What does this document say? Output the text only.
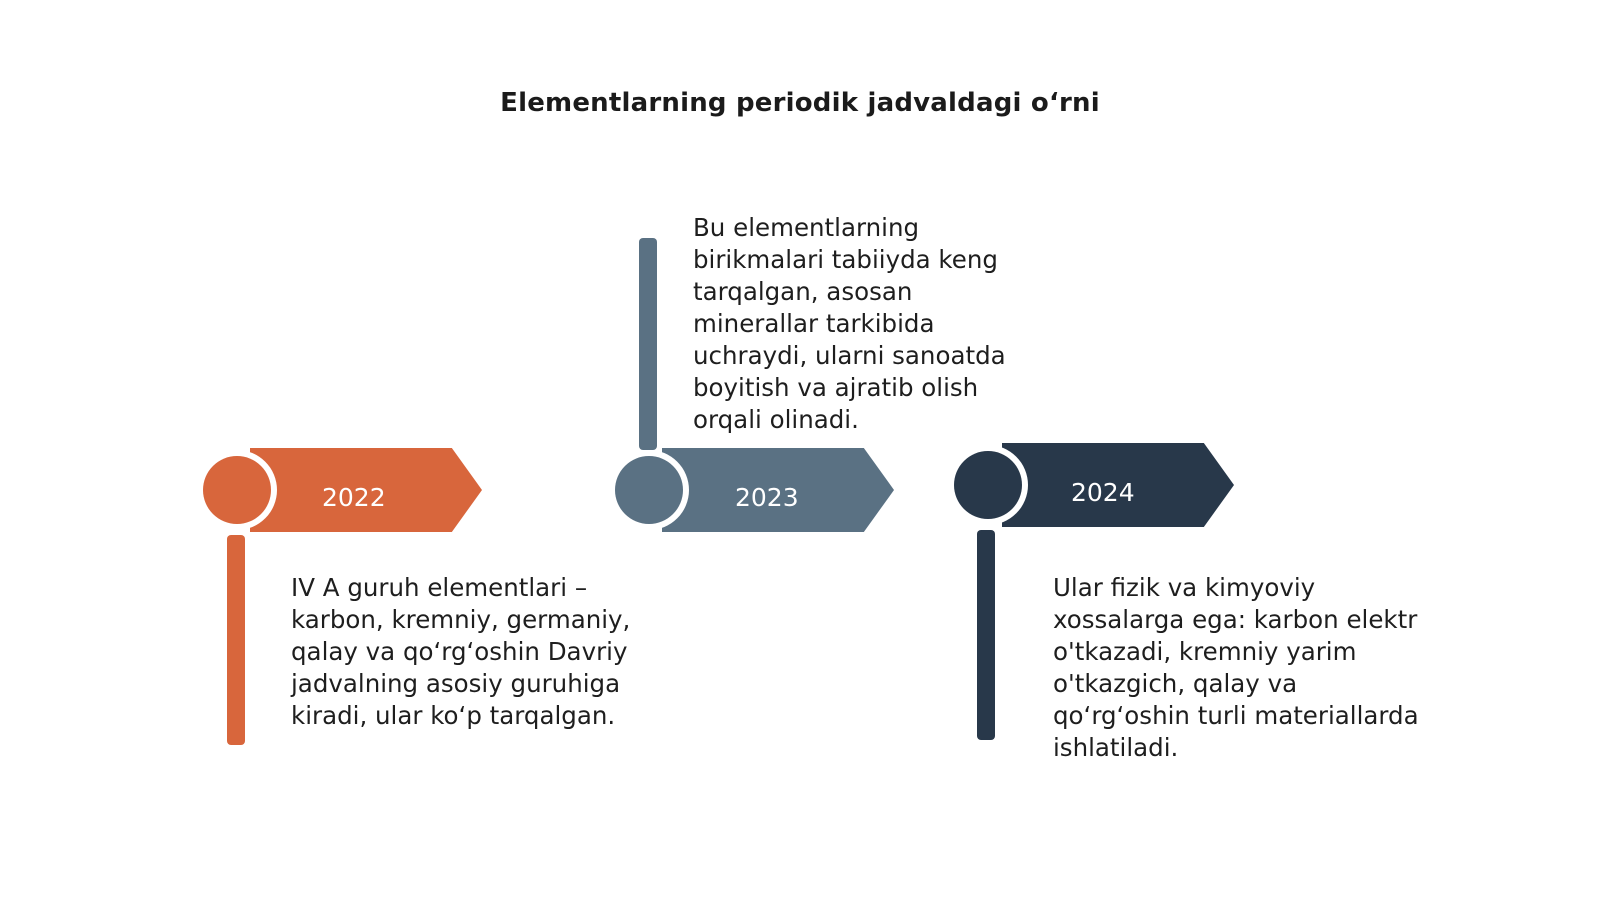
Elementlarning periodik jadvaldagi o‘rni
2022
IV A guruh elementlari – karbon, kremniy, germaniy, qalay va qo‘rg‘oshin Davriy jadvalning asosiy guruhiga kiradi, ular ko‘p tarqalgan.
2023
Bu elementlarning birikmalari tabiiyda keng tarqalgan, asosan minerallar tarkibida uchraydi, ularni sanoatda boyitish va ajratib olish orqali olinadi.
2024
Ular fizik va kimyoviy xossalarga ega: karbon elektr o'tkazadi, kremniy yarim o'tkazgich, qalay va qo‘rg‘oshin turli materiallarda ishlatiladi.
